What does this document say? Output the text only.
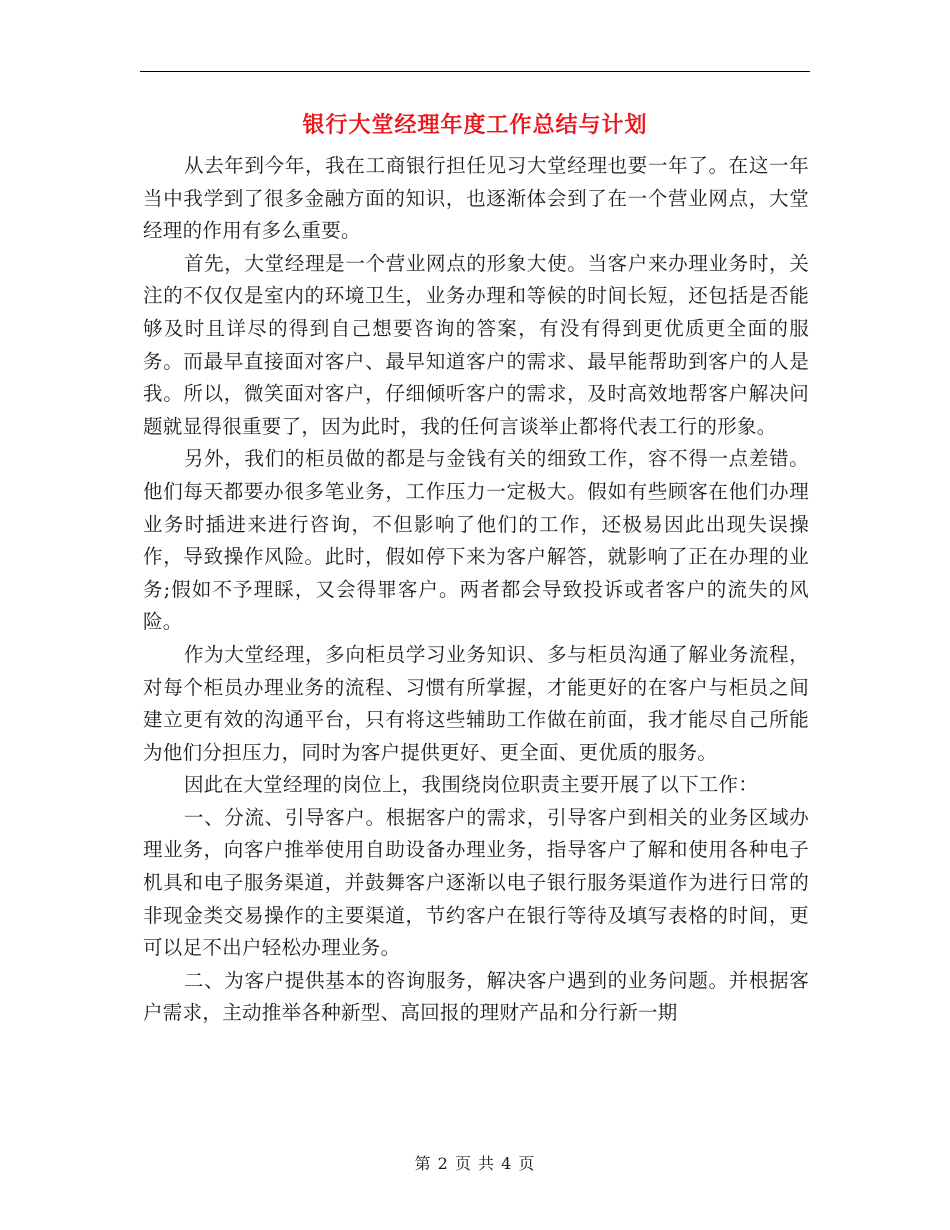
银行大堂经理年度工作总结与计划

从去年到今年，我在工商银行担任见习大堂经理也要一年了。在这一年当中我学到了很多金融方面的知识，也逐渐体会到了在一个营业网点，大堂经理的作用有多么重要。

首先，大堂经理是一个营业网点的形象大使。当客户来办理业务时，关注的不仅仅是室内的环境卫生，业务办理和等候的时间长短，还包括是否能够及时且详尽的得到自己想要咨询的答案，有没有得到更优质更全面的服务。而最早直接面对客户、最早知道客户的需求、最早能帮助到客户的人是我。所以，微笑面对客户，仔细倾听客户的需求，及时高效地帮客户解决问题就显得很重要了，因为此时，我的任何言谈举止都将代表工行的形象。

另外，我们的柜员做的都是与金钱有关的细致工作，容不得一点差错。他们每天都要办很多笔业务，工作压力一定极大。假如有些顾客在他们办理业务时插进来进行咨询，不但影响了他们的工作，还极易因此出现失误操作，导致操作风险。此时，假如停下来为客户解答，就影响了正在办理的业务;假如不予理睬，又会得罪客户。两者都会导致投诉或者客户的流失的风险。

作为大堂经理，多向柜员学习业务知识、多与柜员沟通了解业务流程，对每个柜员办理业务的流程、习惯有所掌握，才能更好的在客户与柜员之间建立更有效的沟通平台，只有将这些辅助工作做在前面，我才能尽自己所能为他们分担压力，同时为客户提供更好、更全面、更优质的服务。

因此在大堂经理的岗位上，我围绕岗位职责主要开展了以下工作：

一、分流、引导客户。根据客户的需求，引导客户到相关的业务区域办理业务，向客户推举使用自助设备办理业务，指导客户了解和使用各种电子机具和电子服务渠道，并鼓舞客户逐渐以电子银行服务渠道作为进行日常的非现金类交易操作的主要渠道，节约客户在银行等待及填写表格的时间，更可以足不出户轻松办理业务。

二、为客户提供基本的咨询服务，解决客户遇到的业务问题。并根据客户需求，主动推举各种新型、高回报的理财产品和分行新一期

第 2 页 共 4 页
